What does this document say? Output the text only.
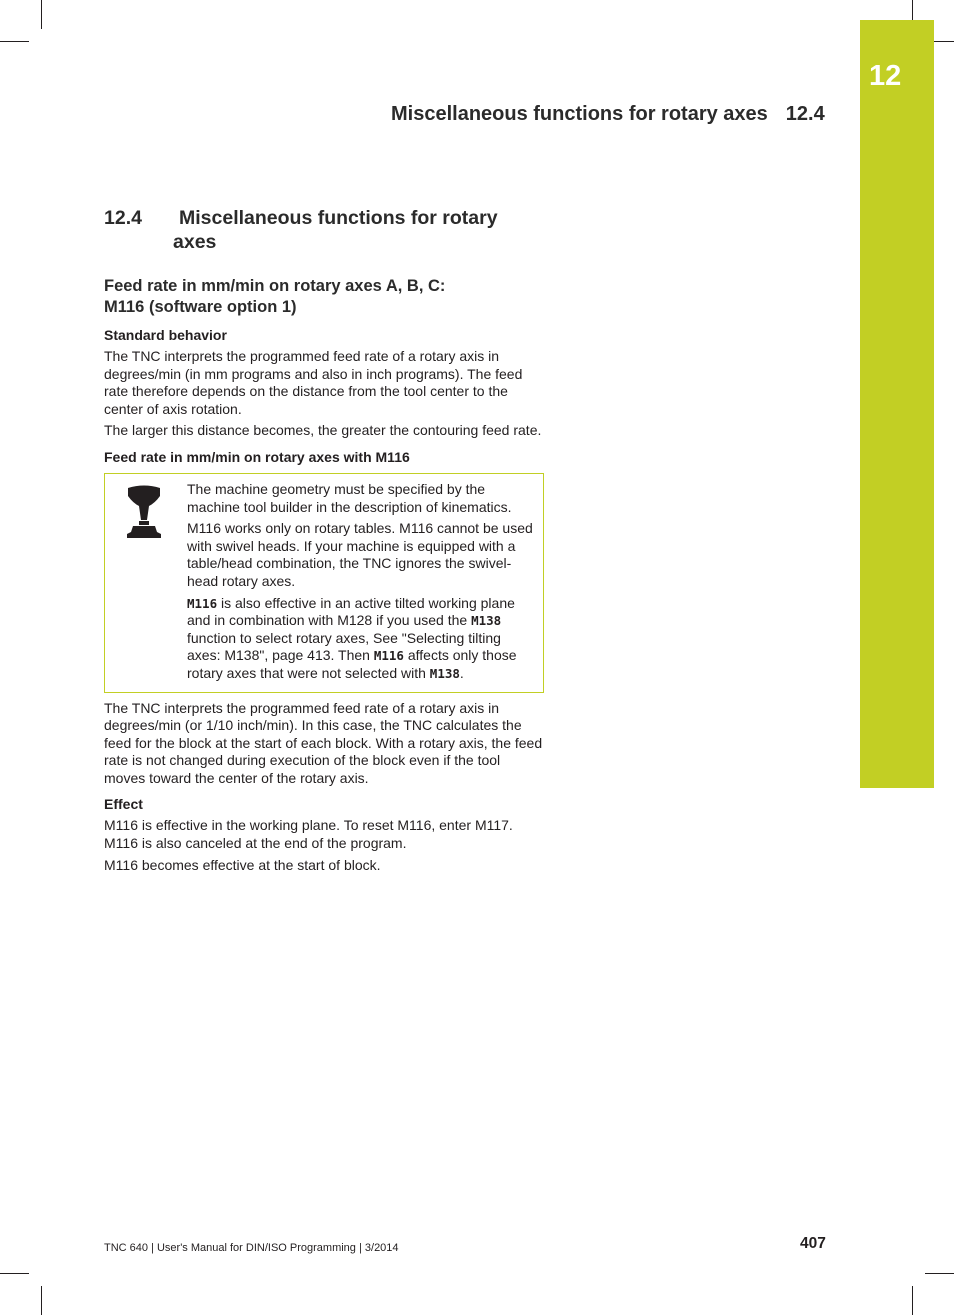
12
Miscellaneous functions for rotary axes 12.4
12.4	Miscellaneous functions for rotary
axes
Feed rate in mm/min on rotary axes A, B, C:
M116 (software option 1)
Standard behavior

The TNC interprets the programmed feed rate of a rotary axis in degrees/min (in mm programs and also in inch programs). The feed rate therefore depends on the distance from the tool center to the center of axis rotation.

The larger this distance becomes, the greater the contouring feed rate.

Feed rate in mm/min on rotary axes with M116

The machine geometry must be specified by the machine tool builder in the description of kinematics.

M116 works only on rotary tables. M116 cannot be used with swivel heads. If your machine is equipped with a table/head combination, the TNC ignores the swivel-head rotary axes.

M116 is also effective in an active tilted working plane and in combination with M128 if you used the M138 function to select rotary axes, See "Selecting tilting axes: M138", page 413. Then M116 affects only those rotary axes that were not selected with M138.

The TNC interprets the programmed feed rate of a rotary axis in degrees/min (or 1/10 inch/min). In this case, the TNC calculates the feed for the block at the start of each block. With a rotary axis, the feed rate is not changed during execution of the block even if the tool moves toward the center of the rotary axis.

Effect

M116 is effective in the working plane. To reset M116, enter M117. M116 is also canceled at the end of the program.

M116 becomes effective at the start of block.

TNC 640 | User's Manual for DIN/ISO Programming | 3/2014	407
